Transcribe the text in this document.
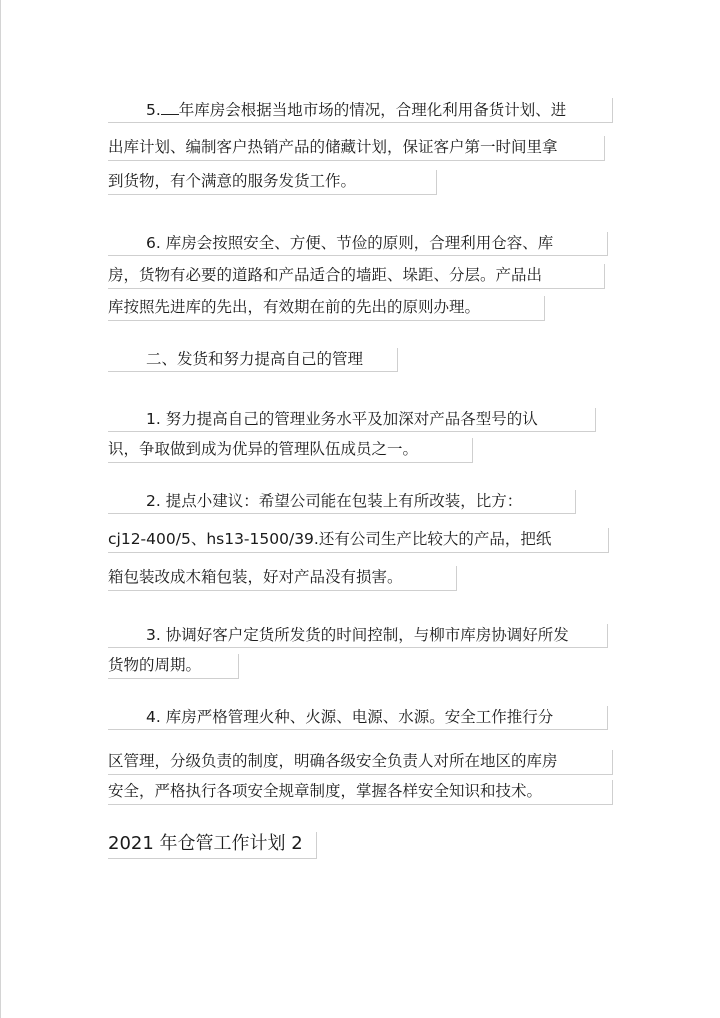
5. 年库房会根据当地市场的情况，合理化利用备货计划、进
出库计划、编制客户热销产品的储藏计划，保证客户第一时间里拿
到货物，有个满意的服务发货工作。
6. 库房会按照安全、方便、节俭的原则，合理利用仓容、库
房，货物有必要的道路和产品适合的墙距、垛距、分层。产品出
库按照先进库的先出，有效期在前的先出的原则办理。
二、发货和努力提高自己的管理
1. 努力提高自己的管理业务水平及加深对产品各型号的认
识，争取做到成为优异的管理队伍成员之一。
2. 提点小建议：希望公司能在包装上有所改装，比方：
cj12-400/5、hs13-1500/39.还有公司生产比较大的产品，把纸
箱包装改成木箱包装，好对产品没有损害。
3. 协调好客户定货所发货的时间控制，与柳市库房协调好所发
货物的周期。
4. 库房严格管理火种、火源、电源、水源。安全工作推行分
区管理，分级负责的制度，明确各级安全负责人对所在地区的库房
安全，严格执行各项安全规章制度，掌握各样安全知识和技术。
2021 年仓管工作计划 2
